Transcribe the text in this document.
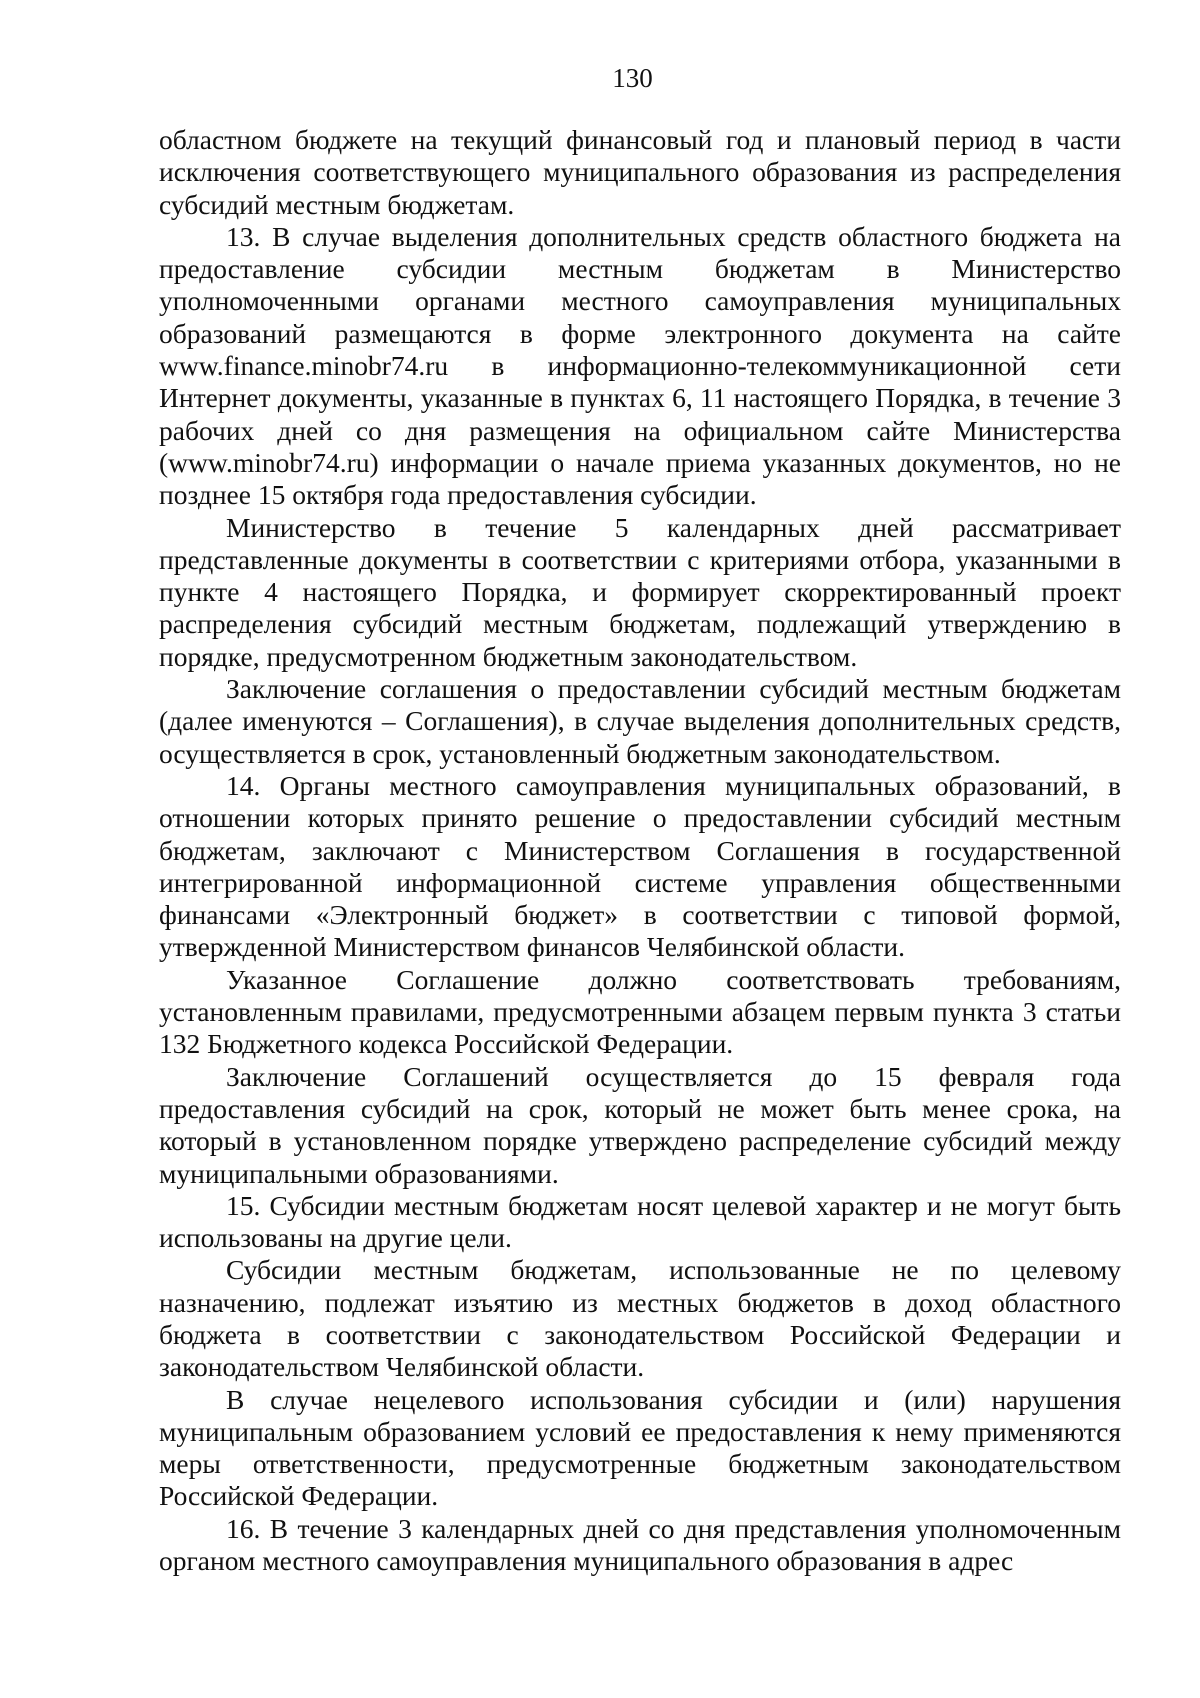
130

областном бюджете на текущий финансовый год и плановый период в части исключения соответствующего муниципального образования из распределения субсидий местным бюджетам.

13. В случае выделения дополнительных средств областного бюджета на предоставление субсидии местным бюджетам в Министерство уполномоченными органами местного самоуправления муниципальных образований размещаются в форме электронного документа на сайте www.finance.minobr74.ru в информационно-телекоммуникационной сети Интернет документы, указанные в пунктах 6, 11 настоящего Порядка, в течение 3 рабочих дней со дня размещения на официальном сайте Министерства (www.minobr74.ru) информации о начале приема указанных документов, но не позднее 15 октября года предоставления субсидии.

Министерство в течение 5 календарных дней рассматривает представленные документы в соответствии с критериями отбора, указанными в пункте 4 настоящего Порядка, и формирует скорректированный проект распределения субсидий местным бюджетам, подлежащий утверждению в порядке, предусмотренном бюджетным законодательством.

Заключение соглашения о предоставлении субсидий местным бюджетам (далее именуются – Соглашения), в случае выделения дополнительных средств, осуществляется в срок, установленный бюджетным законодательством.

14. Органы местного самоуправления муниципальных образований, в отношении которых принято решение о предоставлении субсидий местным бюджетам, заключают с Министерством Соглашения в государственной интегрированной информационной системе управления общественными финансами «Электронный бюджет» в соответствии с типовой формой, утвержденной Министерством финансов Челябинской области.

Указанное Соглашение должно соответствовать требованиям, установленным правилами, предусмотренными абзацем первым пункта 3 статьи 132 Бюджетного кодекса Российской Федерации.

Заключение Соглашений осуществляется до 15 февраля года предоставления субсидий на срок, который не может быть менее срока, на который в установленном порядке утверждено распределение субсидий между муниципальными образованиями.

15. Субсидии местным бюджетам носят целевой характер и не могут быть использованы на другие цели.

Субсидии местным бюджетам, использованные не по целевому назначению, подлежат изъятию из местных бюджетов в доход областного бюджета в соответствии с законодательством Российской Федерации и законодательством Челябинской области.

В случае нецелевого использования субсидии и (или) нарушения муниципальным образованием условий ее предоставления к нему применяются меры ответственности, предусмотренные бюджетным законодательством Российской Федерации.

16. В течение 3 календарных дней со дня представления уполномоченным органом местного самоуправления муниципального образования в адрес
